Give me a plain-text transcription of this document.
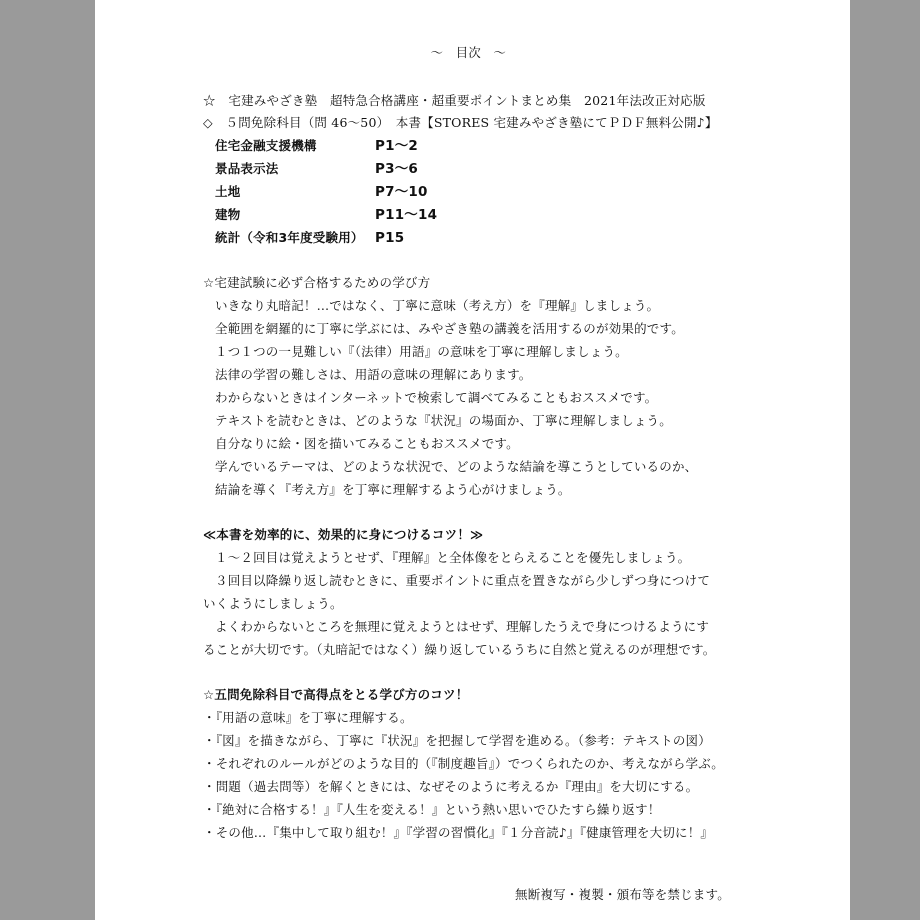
～　目次　～
☆　宅建みやざき塾　超特急合格講座・超重要ポイントまとめ集　2021年法改正対応版
◇　５問免除科目（問 46～50）　本書【STORES 宅建みやざき塾にてＰＤＦ無料公開♪】
住宅金融支援機構	P1～2
景品表示法	P3～6
土地	P7～10
建物	P11～14
統計（令和3年度受験用） P15
☆宅建試験に必ず合格するための学び方
いきなり丸暗記！…ではなく、丁寧に意味（考え方）を『理解』しましょう。
全範囲を網羅的に丁寧に学ぶには、みやざき塾の講義を活用するのが効果的です。
１つ１つの一見難しい『（法律）用語』の意味を丁寧に理解しましょう。
法律の学習の難しさは、用語の意味の理解にあります。
わからないときはインターネットで検索して調べてみることもおススメです。
テキストを読むときは、どのような『状況』の場面か、丁寧に理解しましょう。
自分なりに絵・図を描いてみることもおススメです。
学んでいるテーマは、どのような状況で、どのような結論を導こうとしているのか、
結論を導く『考え方』を丁寧に理解するよう心がけましょう。
≪本書を効率的に、効果的に身につけるコツ！≫
１～２回目は覚えようとせず、『理解』と全体像をとらえることを優先しましょう。
３回目以降繰り返し読むときに、重要ポイントに重点を置きながら少しずつ身につけて
いくようにしましょう。
よくわからないところを無理に覚えようとはせず、理解したうえで身につけるようにす
ることが大切です。（丸暗記ではなく）繰り返しているうちに自然と覚えるのが理想です。
☆五問免除科目で高得点をとる学び方のコツ！
・『用語の意味』を丁寧に理解する。
・『図』を描きながら、丁寧に『状況』を把握して学習を進める。（参考：テキストの図）
・それぞれのルールがどのような目的（『制度趣旨』）でつくられたのか、考えながら学ぶ。
・問題（過去問等）を解くときには、なぜそのように考えるか『理由』を大切にする。
・『絶対に合格する！』『人生を変える！』という熱い思いでひたすら繰り返す！
・その他…『集中して取り組む！』『学習の習慣化』『１分音読♪』『健康管理を大切に！』
無断複写・複製・頒布等を禁じます。
